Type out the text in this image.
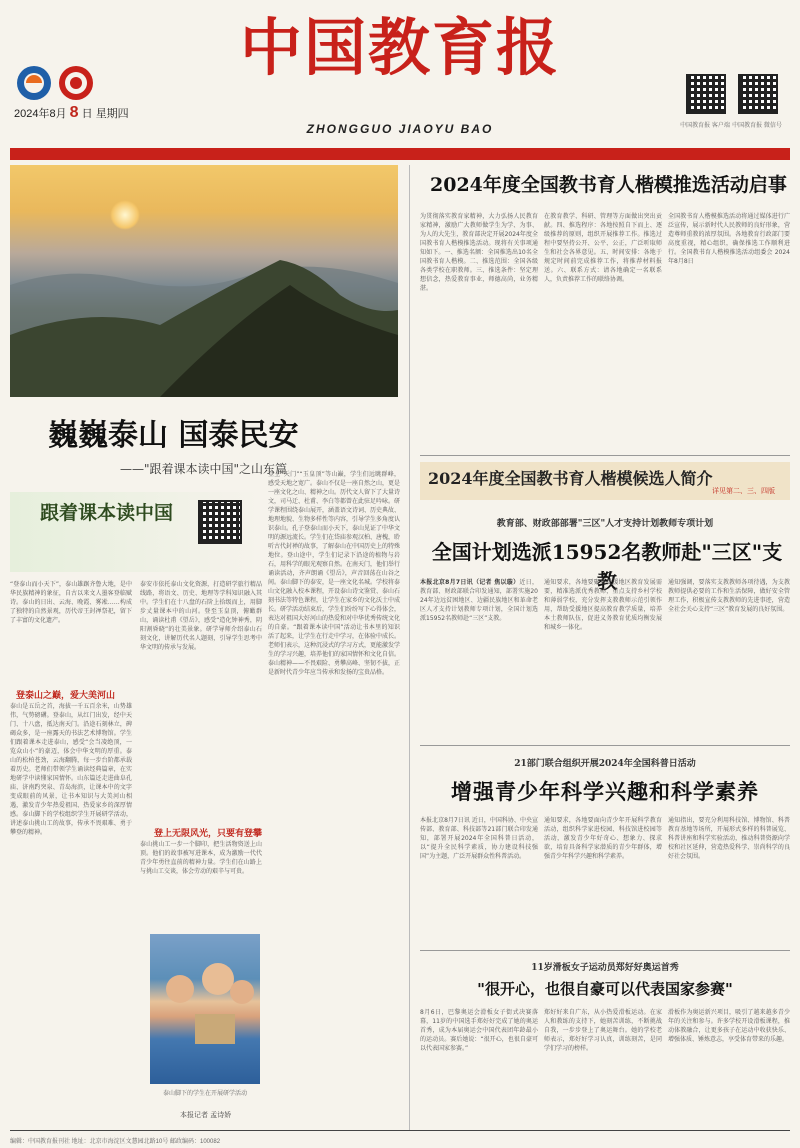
2024年8月 8 日 星期四
中国教育报
ZHONGGUO JIAOYU BAO	中国教育报 客户端 中国教育报 微信号
巍巍泰山 国泰民安
——"跟着课本读中国"之山东篇
跟着课本读中国
“登泰山而小天下”，泰山雄踞齐鲁大地，是中华民族精神的象征，自古以来文人墨客登临赋诗。泰山的日出、云海、晚霞、雾凇……构成了独特的自然景观，历代帝王封禅祭祀，留下了丰富的文化遗产。
登泰山之巅，爱大美河山
泰山是五岳之首，海拔一千五百余米，山势雄伟，气势磅礴。登泰山，从红门出发，经中天门、十八盘，抵达南天门。沿途石刻林立，碑碣众多，是一座露天的书法艺术博物馆。学生们跟着课本走进泰山，感受“会当凌绝顶，一览众山小”的豪迈，体会中华文明的厚重。泰山的松柏苍劲，云海翻腾，每一步台阶都承载着历史。老师们带领学生诵读经典篇章，在实地研学中读懂家国情怀。山东篇还走进曲阜孔庙、济南趵突泉、青岛海滨，让课本中的文字变成眼前的风景，让书本知识与大美河山相遇，激发青少年热爱祖国、热爱家乡的深厚情感。泰山脚下的学校组织学生开展研学活动，讲述泰山挑山工的故事，传承不畏艰难、勇于攀登的精神。
泰安市依托泰山文化资源，打造研学旅行精品线路，将语文、历史、地理等学科知识融入其中。学生们在十八盘的石阶上拾级而上，用脚步丈量课本中的山河。登至玉皇顶，俯瞰群山，诵读杜甫《望岳》，感受“造化钟神秀，阴阳割昏晓”的壮美景象。研学导师介绍泰山石刻文化，讲解历代名人题刻，引导学生思考中华文明的传承与发展。
登上无限风光，只要有登攀
泰山挑山工一步一个脚印，把生活物资送上山顶。他们的故事被写进课本，成为激励一代代青少年勇往直前的精神力量。学生们在山路上与挑山工交谈，体会劳动的艰辛与可贵。
泰山脚下的学生在开展研学活动
本报记者 孟诗娇
登上“天门”“玉皇顶”等山巅，学生们远眺群峰，感受天地之宽广。泰山不仅是一座自然之山，更是一座文化之山、精神之山。历代文人留下了大量诗文，司马迁、杜甫、李白等都曾在此驻足吟咏。研学课程围绕泰山展开，涵盖语文诗词、历史典故、地理地貌、生物多样性等内容，引导学生多角度认识泰山。孔子登泰山而小天下，泰山见证了中华文明的源远流长。学生们在岱庙参观汉柏、唐槐，聆听古代封禅的故事，了解泰山在中国历史上的特殊地位。登山途中，学生们记录下沿途的植物与岩石，用科学的眼光观察自然。在南天门，他们举行诵读活动，齐声朗诵《望岳》，声音回荡在山谷之间。泰山脚下的泰安，是一座文化名城。学校将泰山文化融入校本课程，开设泰山诗文鉴赏、泰山石刻书法等特色课程，让学生在家乡的文化沃土中成长。研学活动结束后，学生们纷纷写下心得体会，表达对祖国大好河山的热爱和对中华优秀传统文化的自豪。“跟着课本读中国”活动让书本里的知识活了起来，让学生在行走中学习，在体验中成长。老师们表示，这种沉浸式的学习方式，更能激发学生的学习兴趣，培养他们的家国情怀和文化自信。泰山精神——不畏艰险、勇攀高峰、坚韧不拔，正是新时代青少年应当传承和发扬的宝贵品格。
2024年度全国教书育人楷模推选活动启事
为贯彻落实教育家精神，大力弘扬人民教育家精神，激励广大教师做学生为学、为事、为人的大先生，教育部决定开展2024年度全国教书育人楷模推选活动。现将有关事项通知如下。一、推选名额：全国推选出10名全国教书育人楷模。二、推选范围：全国各级各类学校在职教师。三、推选条件：坚定理想信念，热爱教育事业，师德高尚，业务精湛。
在教育教学、科研、管理等方面做出突出贡献。四、推选程序：各地按照自下而上、逐级推荐的原则，组织开展推荐工作。推选过程中要坚持公开、公平、公正，广泛听取师生和社会各界意见。五、时间安排：各地于规定时间前完成推荐工作，将推荐材料报送。六、联系方式：请各地确定一名联系人，负责推荐工作的联络协调。
全国教书育人楷模推选活动将通过媒体进行广泛宣传，展示新时代人民教师的良好形象，营造尊师重教的浓厚氛围。各地教育行政部门要高度重视，精心组织，确保推选工作顺利进行。全国教书育人楷模推选活动组委会 2024年8月8日
2024年度全国教书育人楷模候选人简介
详见第二、三、四版
教育部、财政部部署"三区"人才支持计划教师专项计划
全国计划选派15952名教师赴"三区"支教
本报北京8月7日讯（记者 焦以璇）近日，教育部、财政部联合印发通知，部署实施2024年边远贫困地区、边疆民族地区和革命老区人才支持计划教师专项计划，全国计划选派15952名教师赴“三区”支教。
通知要求，各地要聚焦受援地区教育发展需要，精准选派优秀教师，重点支持乡村学校和薄弱学校，充分发挥支教教师示范引领作用，帮助受援地区提高教育教学质量，培养本土教师队伍，促进义务教育优质均衡发展和城乡一体化。
通知强调，要落实支教教师各项待遇，为支教教师提供必要的工作和生活保障，做好安全管理工作，积极宣传支教教师的先进事迹，营造全社会关心支持“三区”教育发展的良好氛围。
21部门联合组织开展2024年全国科普日活动
增强青少年科学兴趣和科学素养
本报北京8月7日讯 近日，中国科协、中央宣传部、教育部、科技部等21部门联合印发通知，部署开展2024年全国科普日活动，以“提升全民科学素质，协力建设科技强国”为主题，广泛开展群众性科普活动。
通知要求，各地要面向青少年开展科学教育活动，组织科学家进校园、科技馆进校园等活动，激发青少年好奇心、想象力、探求欲，培育具备科学家潜质的青少年群体，增强青少年科学兴趣和科学素养。
通知指出，要充分利用科技馆、博物馆、科普教育基地等场所，开展形式多样的科普展览、科普讲座和科学实验活动，推动科普资源向学校和社区延伸，营造热爱科学、崇尚科学的良好社会氛围。
11岁滑板女子运动员郑好好奥运首秀
"很开心，也很自豪可以代表国家参赛"
8月6日，巴黎奥运会滑板女子街式决赛落幕，11岁的中国选手郑好好完成了她的奥运首秀，成为本届奥运会中国代表团年龄最小的运动员。赛后她说：“很开心，也很自豪可以代表国家参赛。”
郑好好来自广东，从小热爱滑板运动。在家人和教练的支持下，她刻苦训练，不断挑战自我，一步步登上了奥运舞台。她的学校老师表示，郑好好学习认真，训练刻苦，是同学们学习的榜样。
滑板作为奥运新兴项目，吸引了越来越多青少年的关注和参与。许多学校开设滑板课程，推动体教融合，让更多孩子在运动中收获快乐、增强体质、锤炼意志，享受体育带来的乐趣。
编辑：中国教育报刊社 地址：北京市海淀区文慧园北路10号 邮政编码：100082
